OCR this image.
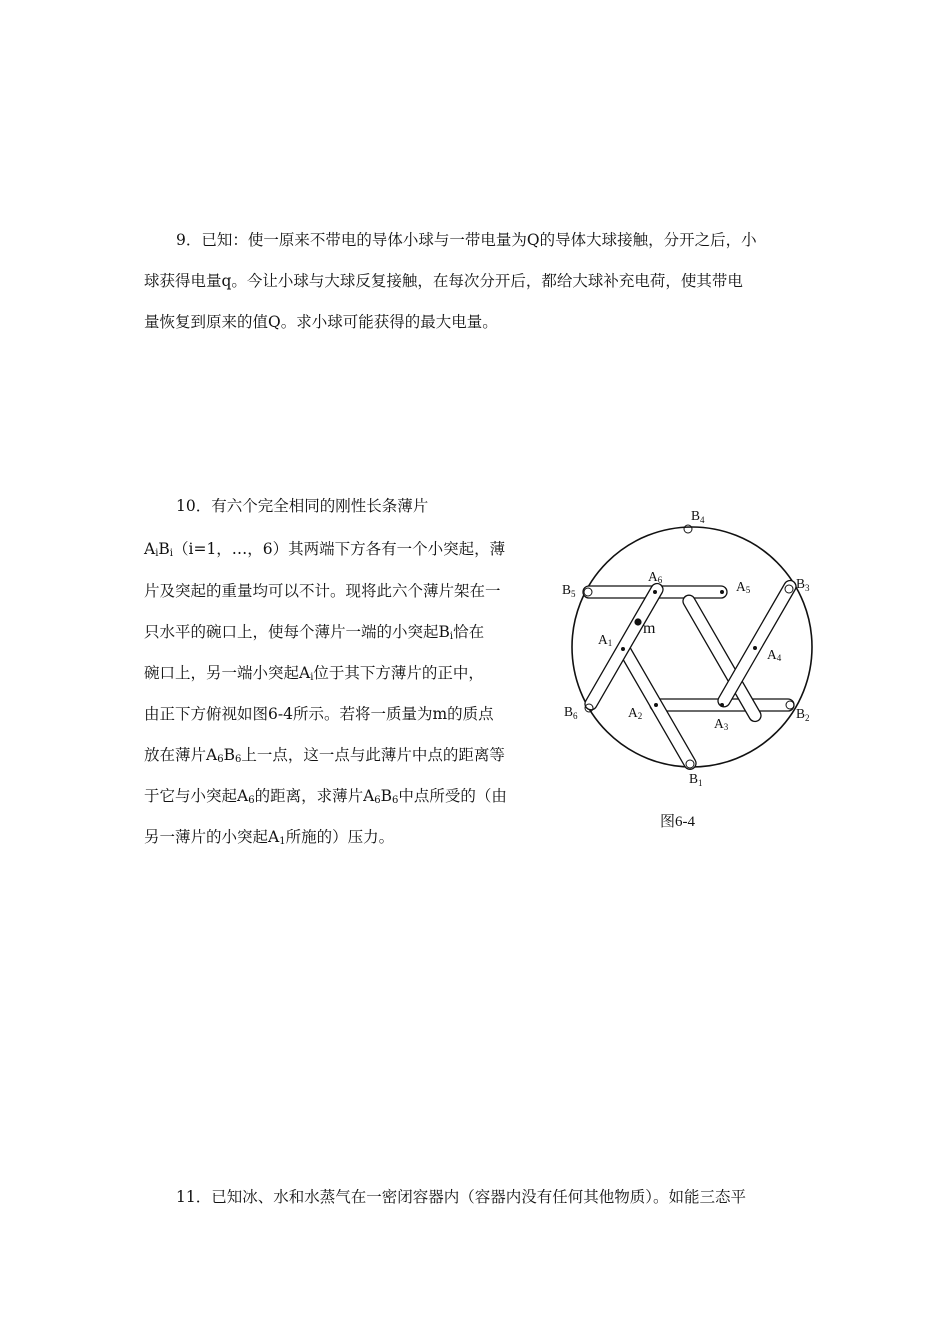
9．已知：使一原来不带电的导体小球与一带电量为Q的导体大球接触，分开之后，小
球获得电量q。今让小球与大球反复接触，在每次分开后，都给大球补充电荷，使其带电
量恢复到原来的值Q。求小球可能获得的最大电量。
10．有六个完全相同的刚性长条薄片
$A_iB_i(i=1$，…，6）其两端下方各有一个小突起，薄
片及突起的重量均可以不计。现将此六个薄片架在一
只水平的碗口上，使每个薄片一端的小突起$B_i$恰在
碗口上，另一端小突起$A_i$位于其下方薄片的正中，
由正下方俯视如图6-4所示。若将一质量为m的质点
放在薄片$A_6B_6$上一点，这一点与此薄片中点的距离等
于它与小突起$A_6$的距离，求薄片$A_6B_6$中点所受的（由
另一薄片的小突起$A_1$所施的）压力。
m
$B_4$
A6	A5	$B_3$
$B_5$
A1
A4
$B_6$	A2	$B_2$
A3
$B_1$
图6-4
11．已知冰、水和水蒸气在一密闭容器内（容器内没有任何其他物质）。如能三态平
